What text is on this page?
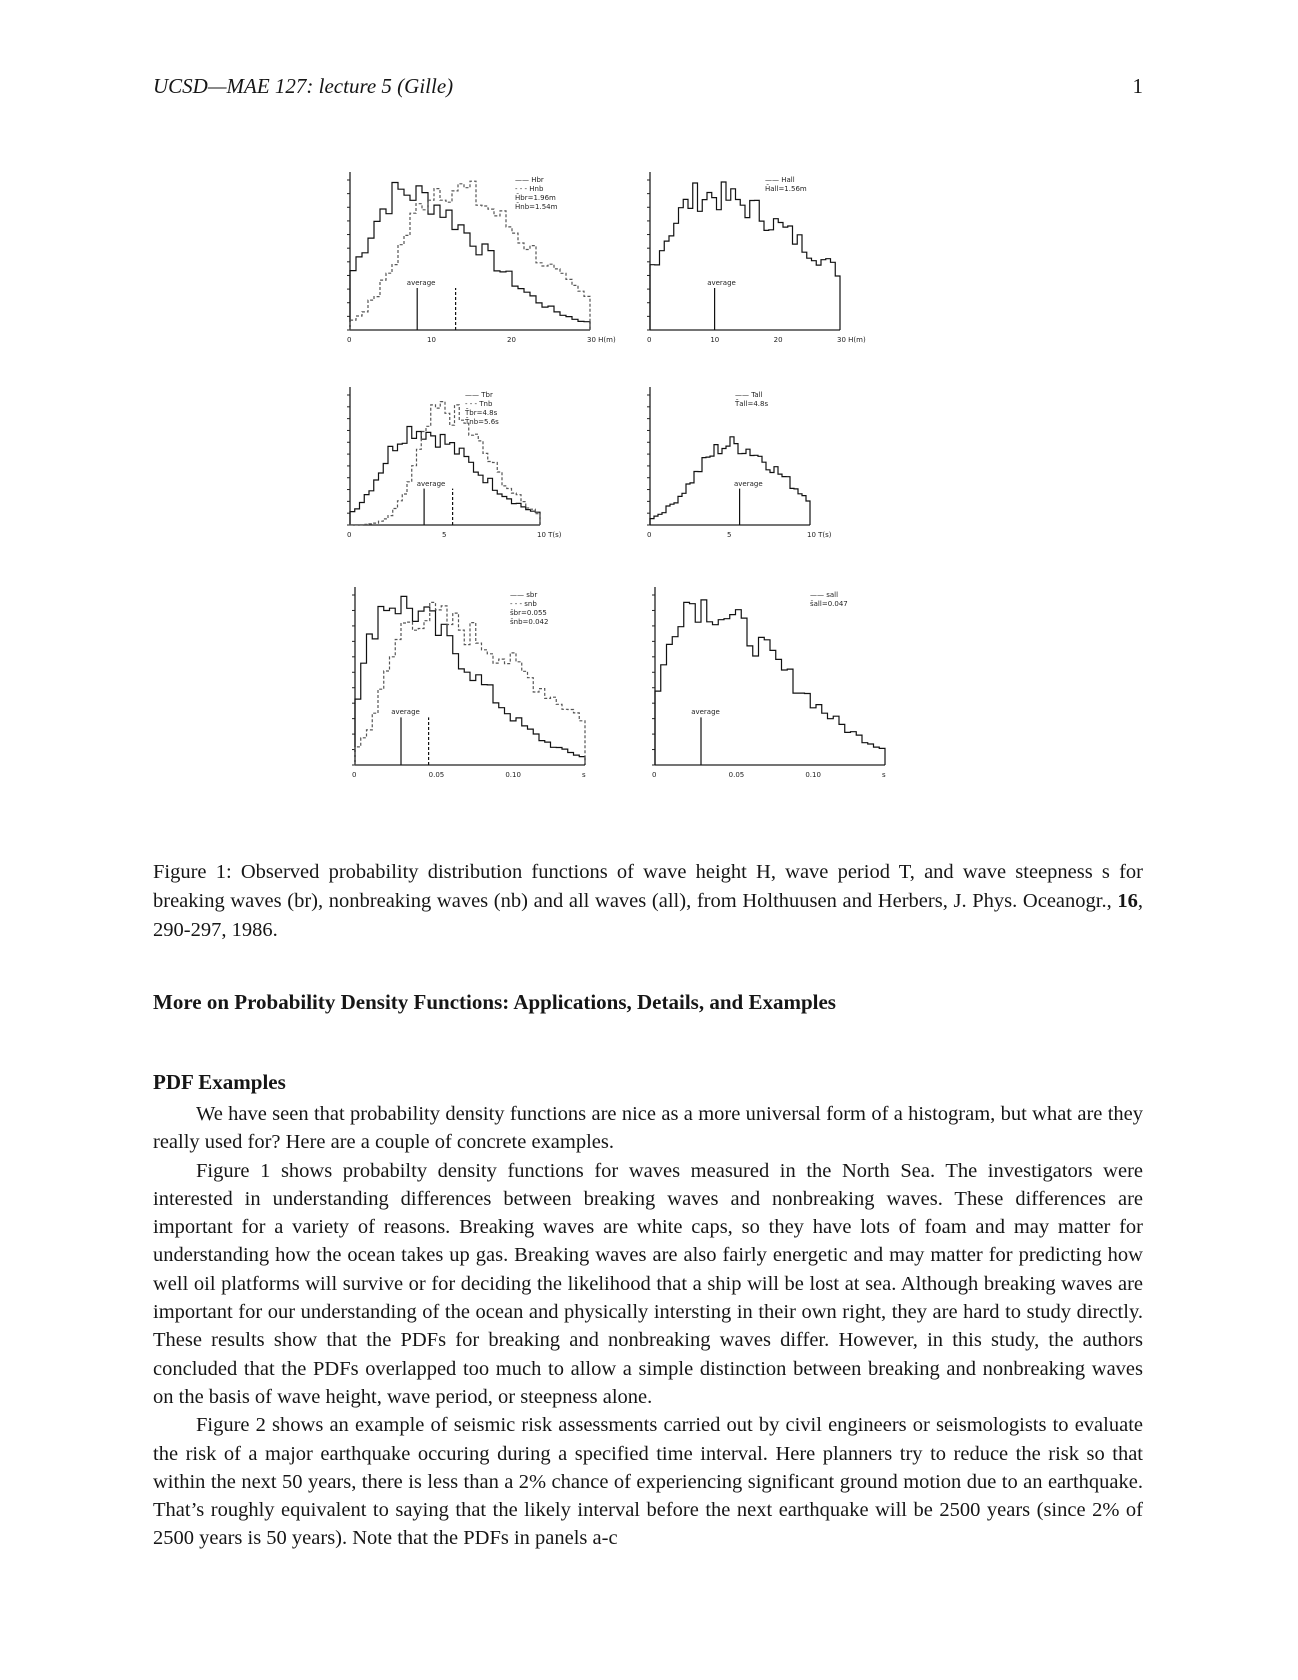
UCSD—MAE 127: lecture 5 (Gille)	1
average
—— Hbr
- - - Hnb
H̄br=1.96m
H̄nb=1.54m
0	10	20	30 H(m)
average
—— Hall
H̄all=1.56m
0	10	20	30 H(m)
average
—— Tbr
- - - Tnb
T̄br=4.8s
T̄nb=5.6s
0	5	10 T(s)
average
—— Tall
T̄all=4.8s
0	5	10 T(s)
average
—— sbr
- - - snb
s̄br=0.055
s̄nb=0.042
0	0.05	0.10	s
average
—— sall
s̄all=0.047
0	0.05	0.10	s
Figure 1: Observed probability distribution functions of wave height H, wave period T, and wave steepness s for breaking waves (br), nonbreaking waves (nb) and all waves (all), from Holthuusen and Herbers, J. Phys. Oceanogr., 16, 290-297, 1986.
More on Probability Density Functions: Applications, Details, and Examples
PDF Examples

We have seen that probability density functions are nice as a more universal form of a histogram, but what are they really used for? Here are a couple of concrete examples.

Figure 1 shows probabilty density functions for waves measured in the North Sea. The investigators were interested in understanding differences between breaking waves and nonbreaking waves. These differences are important for a variety of reasons. Breaking waves are white caps, so they have lots of foam and may matter for understanding how the ocean takes up gas. Breaking waves are also fairly energetic and may matter for predicting how well oil platforms will survive or for deciding the likelihood that a ship will be lost at sea. Although breaking waves are important for our understanding of the ocean and physically intersting in their own right, they are hard to study directly. These results show that the PDFs for breaking and nonbreaking waves differ. However, in this study, the authors concluded that the PDFs overlapped too much to allow a simple distinction between breaking and nonbreaking waves on the basis of wave height, wave period, or steepness alone.

Figure 2 shows an example of seismic risk assessments carried out by civil engineers or seismologists to evaluate the risk of a major earthquake occuring during a specified time interval. Here planners try to reduce the risk so that within the next 50 years, there is less than a 2% chance of experiencing significant ground motion due to an earthquake. That’s roughly equivalent to saying that the likely interval before the next earthquake will be 2500 years (since 2% of 2500 years is 50 years). Note that the PDFs in panels a-c
